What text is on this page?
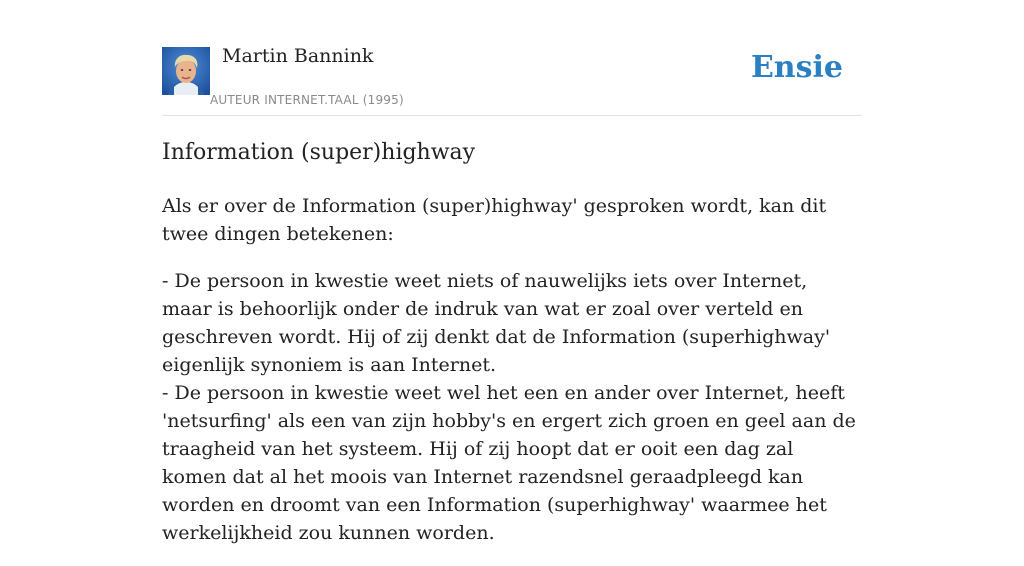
Martin Bannink
AUTEUR INTERNET.TAAL (1995)
Ensie
Information (super)highway

Als er over de Information (super)highway' gesproken wordt, kan dit twee dingen betekenen:

- De persoon in kwestie weet niets of nauwelijks iets over Internet, maar is behoorlijk onder de indruk van wat er zoal over verteld en geschreven wordt. Hij of zij denkt dat de Information (superhighway' eigenlijk synoniem is aan Internet.
- De persoon in kwestie weet wel het een en ander over Internet, heeft 'netsurfing' als een van zijn hobby's en ergert zich groen en geel aan de traagheid van het systeem. Hij of zij hoopt dat er ooit een dag zal komen dat al het moois van Internet razendsnel geraadpleegd kan worden en droomt van een Information (superhighway' waarmee het werkelijkheid zou kunnen worden.
